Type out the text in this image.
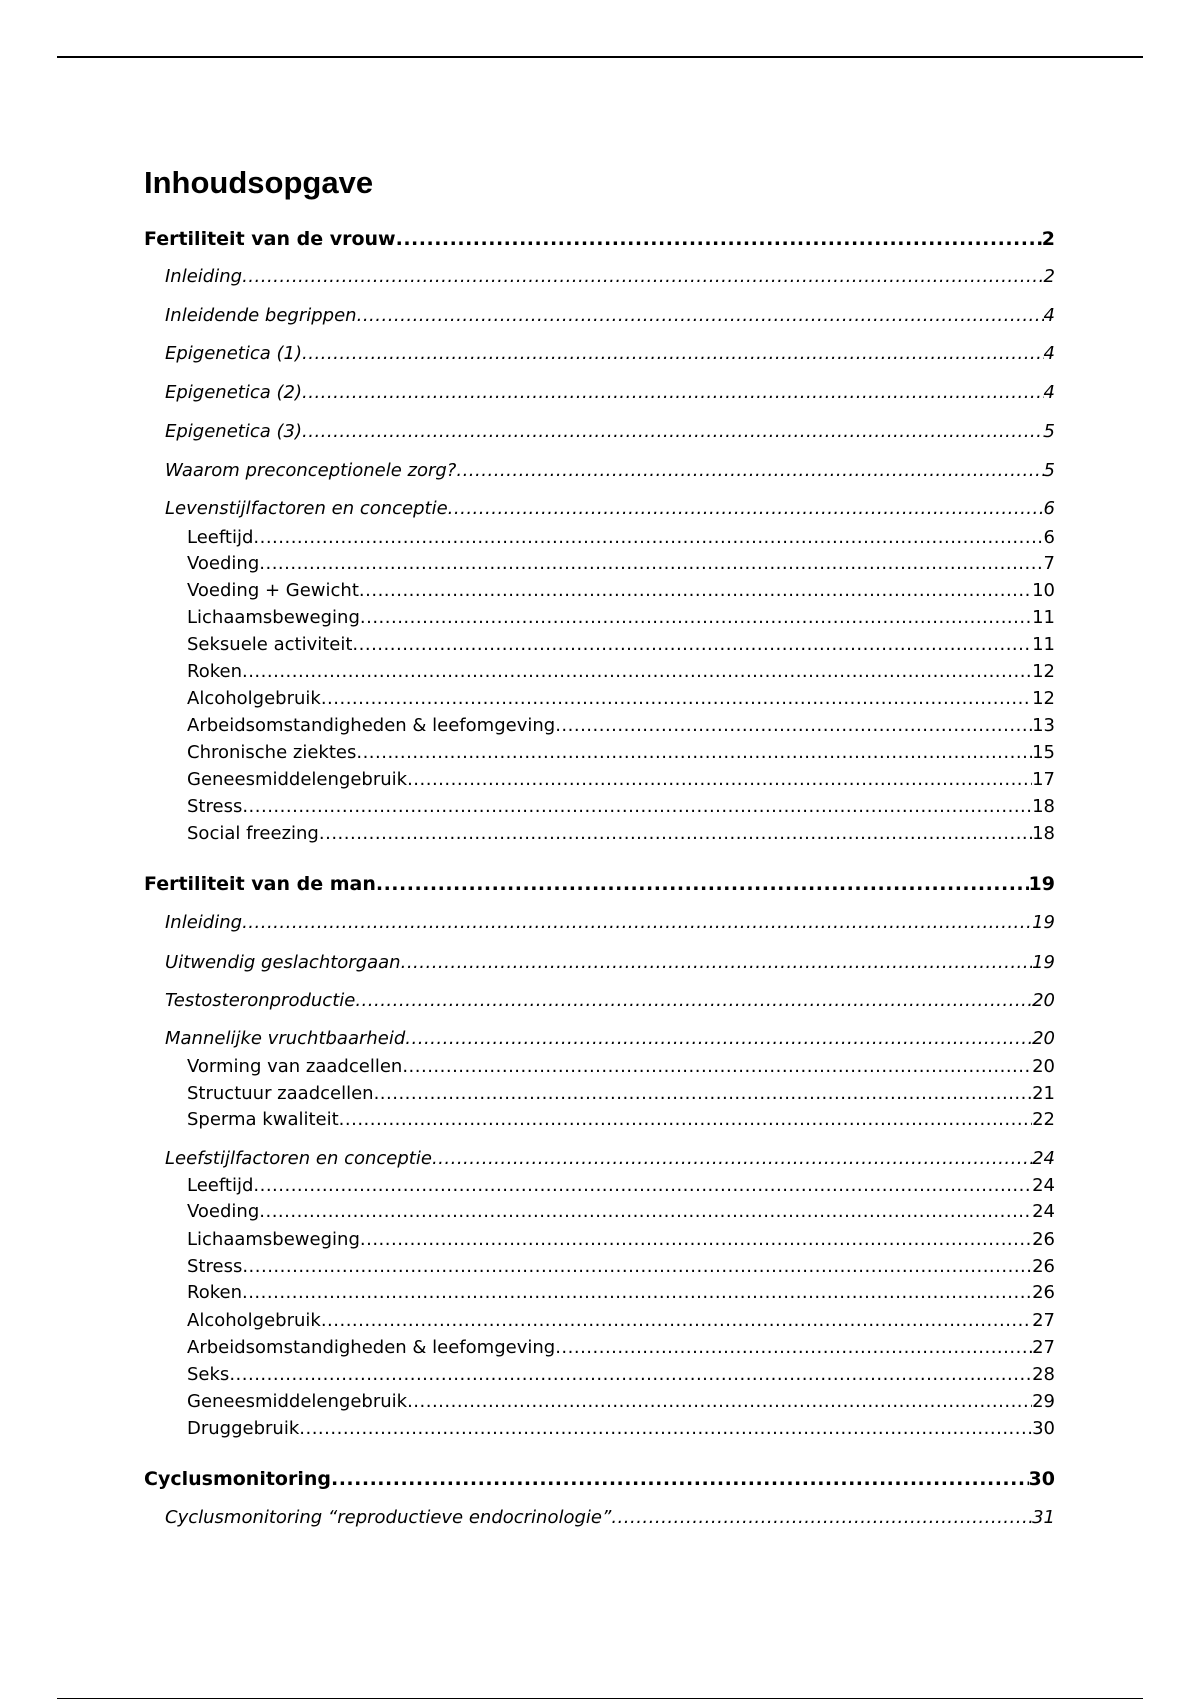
Inhoudsopgave
Fertiliteit van de vrouw .....	2
Inleiding .....	2
Inleidende begrippen .....	4
Epigenetica (1) .....	4
Epigenetica (2) .....	4
Epigenetica (3) .....	5
Waarom preconceptionele zorg? .....	5
Levenstijlfactoren en conceptie .....	6
Leeftijd .....	6
Voeding .....	7
Voeding + Gewicht .....	10
Lichaamsbeweging .....	11
Seksuele activiteit .....	11
Roken .....	12
Alcoholgebruik .....	12
Arbeidsomstandigheden & leefomgeving .....	13
Chronische ziektes .....	15
Geneesmiddelengebruik .....	17
Stress .....	18
Social freezing .....	18
Fertiliteit van de man .....	19
Inleiding .....	19
Uitwendig geslachtorgaan .....	19
Testosteronproductie .....	20
Mannelijke vruchtbaarheid .....	20
Vorming van zaadcellen .....	20
Structuur zaadcellen .....	21
Sperma kwaliteit .....	22
Leefstijlfactoren en conceptie .....	24
Leeftijd .....	24
Voeding .....	24
Lichaamsbeweging .....	26
Stress .....	26
Roken .....	26
Alcoholgebruik .....	27
Arbeidsomstandigheden & leefomgeving .....	27
Seks .....	28
Geneesmiddelengebruik .....	29
Druggebruik .....	30
Cyclusmonitoring .....	30
Cyclusmonitoring “reproductieve endocrinologie” .....	31
